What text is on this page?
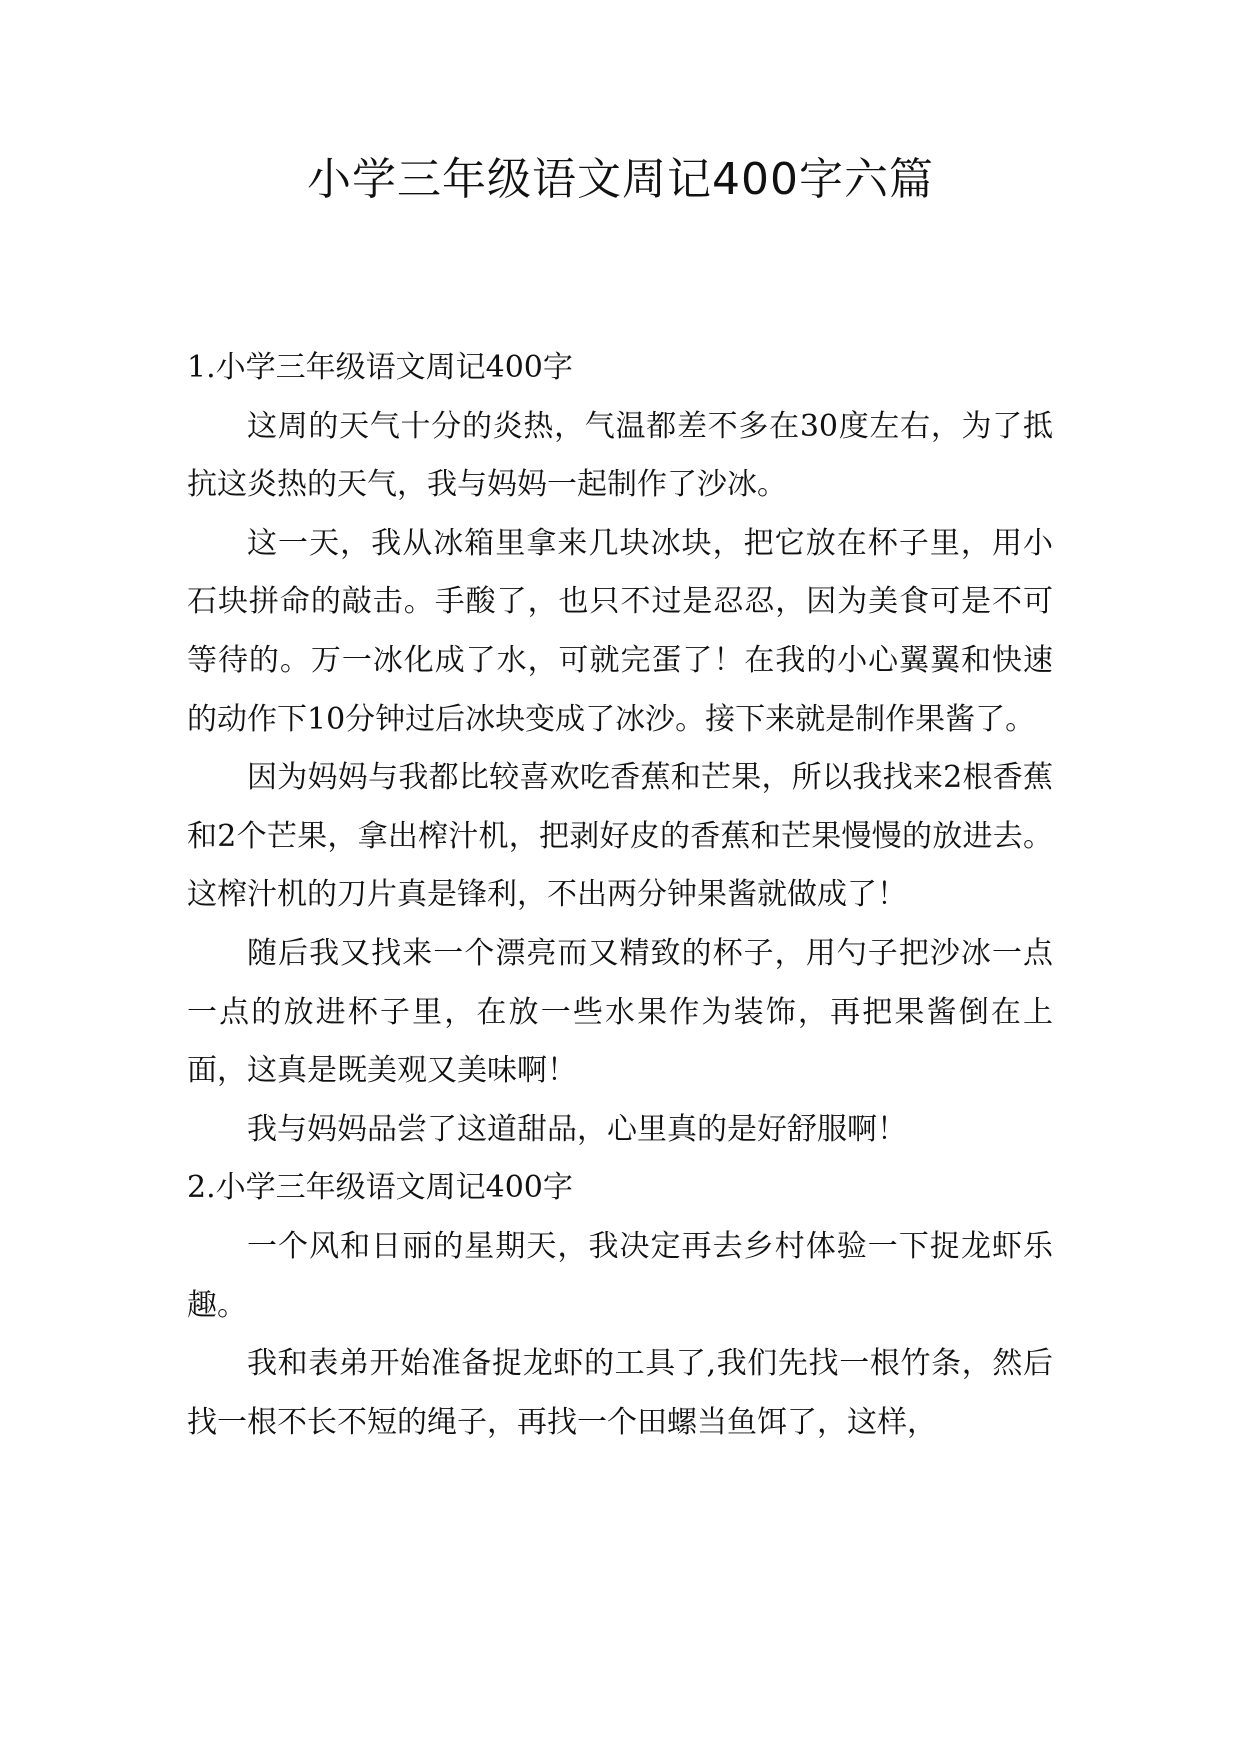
小学三年级语文周记400字六篇

1.小学三年级语文周记400字

这周的天气十分的炎热，气温都差不多在30度左右，为了抵抗这炎热的天气，我与妈妈一起制作了沙冰。

这一天，我从冰箱里拿来几块冰块，把它放在杯子里，用小石块拼命的敲击。手酸了，也只不过是忍忍，因为美食可是不可等待的。万一冰化成了水，可就完蛋了！在我的小心翼翼和快速的动作下10分钟过后冰块变成了冰沙。接下来就是制作果酱了。

因为妈妈与我都比较喜欢吃香蕉和芒果，所以我找来2根香蕉和2个芒果，拿出榨汁机，把剥好皮的香蕉和芒果慢慢的放进去。这榨汁机的刀片真是锋利，不出两分钟果酱就做成了！

随后我又找来一个漂亮而又精致的杯子，用勺子把沙冰一点一点的放进杯子里，在放一些水果作为装饰，再把果酱倒在上面，这真是既美观又美味啊！

我与妈妈品尝了这道甜品，心里真的是好舒服啊！

2.小学三年级语文周记400字

一个风和日丽的星期天，我决定再去乡村体验一下捉龙虾乐趣。

我和表弟开始准备捉龙虾的工具了,我们先找一根竹条，然后找一根不长不短的绳子，再找一个田螺当鱼饵了，这样，
